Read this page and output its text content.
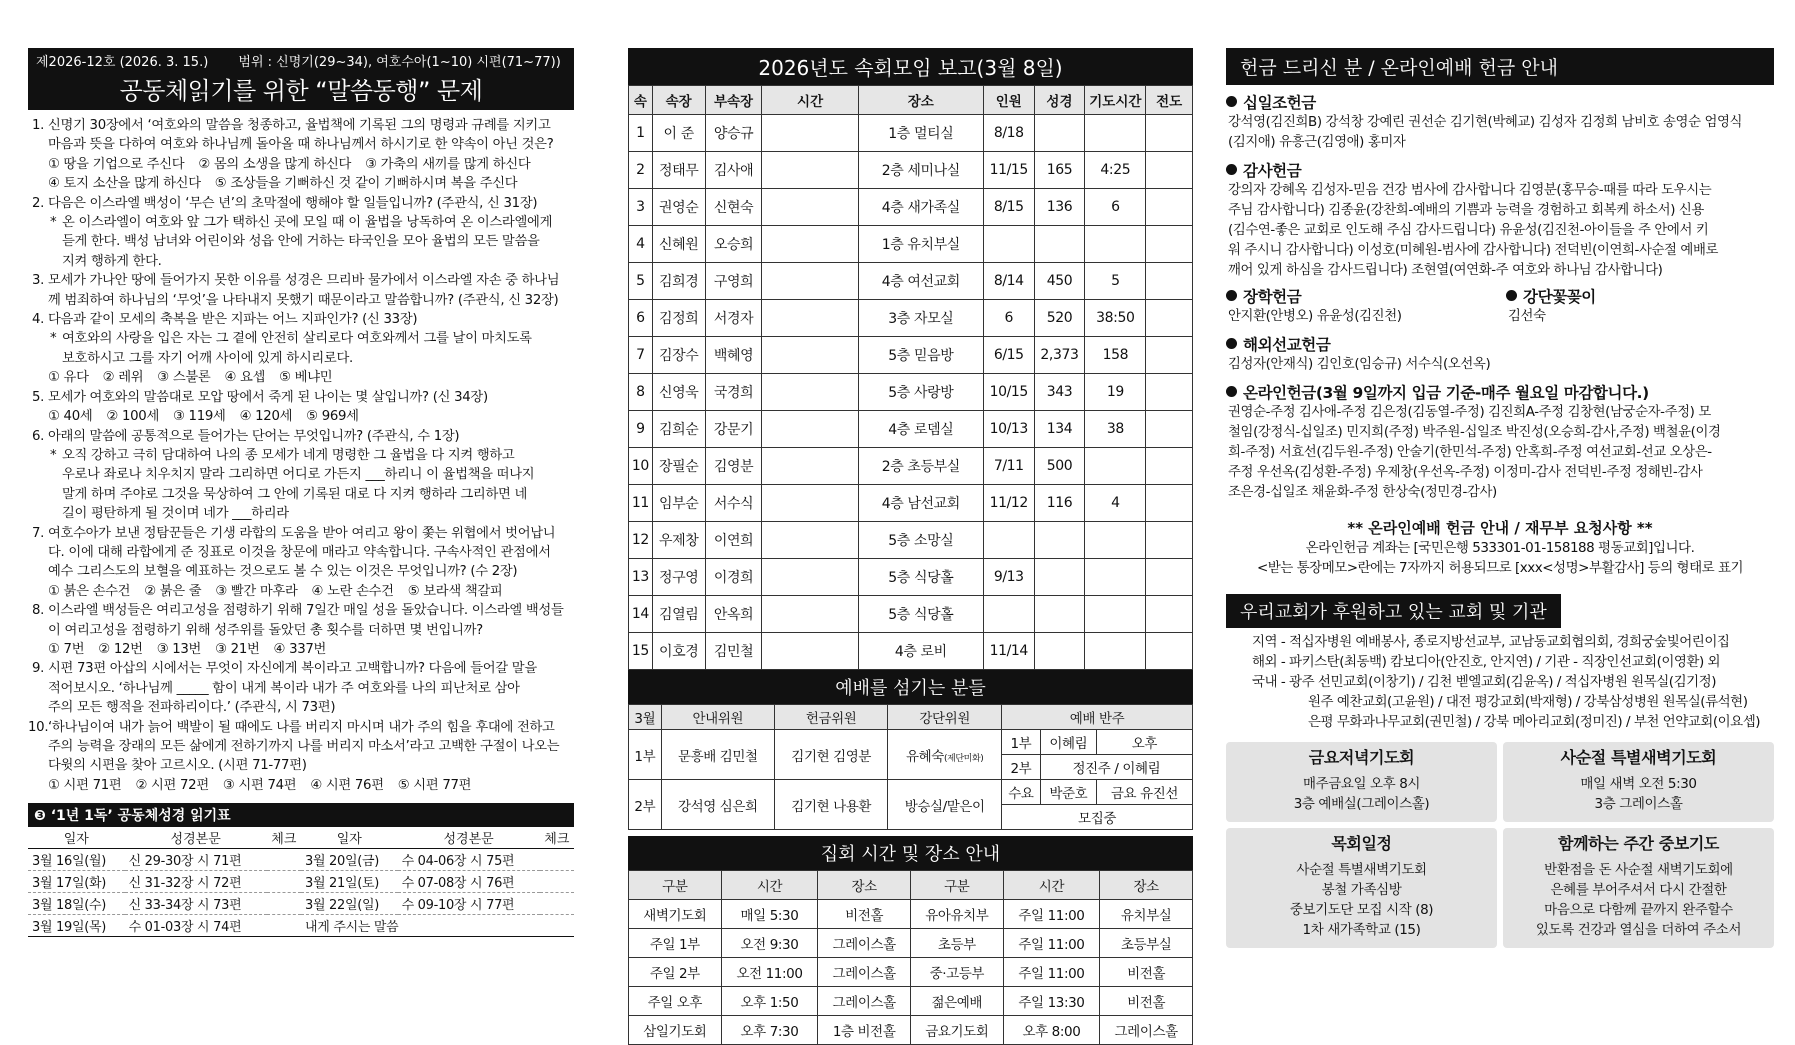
제2026-12호 (2026. 3. 15.) 범위 : 신명기(29~34), 여호수아(1~10) 시편(71~77))
공동체읽기를 위한 “말씀동행” 문제
1. 신명기 30장에서 ‘여호와의 말씀을 청종하고, 율법책에 기록된 그의 명령과 규례를 지키고
마음과 뜻을 다하여 여호와 하나님께 돌아올 때 하나님께서 하시기로 한 약속이 아닌 것은?
① 땅을 기업으로 주신다 ② 몸의 소생을 많게 하신다 ③ 가축의 새끼를 많게 하신다
④ 토지 소산을 많게 하신다 ⑤ 조상들을 기뻐하신 것 같이 기뻐하시며 복을 주신다
2. 다음은 이스라엘 백성이 ‘무슨 년’의 초막절에 행해야 할 일들입니까? (주관식, 신 31장)
* 온 이스라엘이 여호와 앞 그가 택하신 곳에 모일 때 이 율법을 낭독하여 온 이스라엘에게
듣게 한다. 백성 남녀와 어린이와 성읍 안에 거하는 타국인을 모아 율법의 모든 말씀을
지켜 행하게 한다.
3. 모세가 가나안 땅에 들어가지 못한 이유를 성경은 므리바 물가에서 이스라엘 자손 중 하나님
께 범죄하여 하나님의 ‘무엇’을 나타내지 못했기 때문이라고 말씀합니까? (주관식, 신 32장)
4. 다음과 같이 모세의 축복을 받은 지파는 어느 지파인가? (신 33장)
* 여호와의 사랑을 입은 자는 그 곁에 안전히 살리로다 여호와께서 그를 날이 마치도록
보호하시고 그를 자기 어깨 사이에 있게 하시리로다.
① 유다 ② 레위 ③ 스불론 ④ 요셉 ⑤ 베냐민
5. 모세가 여호와의 말씀대로 모압 땅에서 죽게 된 나이는 몇 살입니까? (신 34장)
① 40세 ② 100세 ③ 119세 ④ 120세 ⑤ 969세
6. 아래의 말씀에 공통적으로 들어가는 단어는 무엇입니까? (주관식, 수 1장)
* 오직 강하고 극히 담대하여 나의 종 모세가 네게 명령한 그 율법을 다 지켜 행하고
우로나 좌로나 치우치지 말라 그리하면 어디로 가든지 ___하리니 이 율법책을 떠나지
말게 하며 주야로 그것을 묵상하여 그 안에 기록된 대로 다 지켜 행하라 그리하면 네
길이 평탄하게 될 것이며 네가 ___하리라
7. 여호수아가 보낸 정탐꾼들은 기생 라합의 도움을 받아 여리고 왕이 쫓는 위협에서 벗어납니
다. 이에 대해 라합에게 준 징표로 이것을 창문에 매라고 약속합니다. 구속사적인 관점에서
예수 그리스도의 보혈을 예표하는 것으로도 볼 수 있는 이것은 무엇입니까? (수 2장)
① 붉은 손수건 ② 붉은 줄 ③ 빨간 마후라 ④ 노란 손수건 ⑤ 보라색 책갈피
8. 이스라엘 백성들은 여리고성을 점령하기 위해 7일간 매일 성을 돌았습니다. 이스라엘 백성들
이 여리고성을 점령하기 위해 성주위를 돌았던 총 횟수를 더하면 몇 번입니까?
① 7번 ② 12번 ③ 13번 ③ 21번 ④ 337번
9. 시편 73편 아삽의 시에서는 무엇이 자신에게 복이라고 고백합니까? 다음에 들어갈 말을
적어보시오. ‘하나님께 _____ 함이 내게 복이라 내가 주 여호와를 나의 피난처로 삼아
주의 모든 행적을 전파하리이다.’ (주관식, 시 73편)
10. ‘하나님이여 내가 늙어 백발이 될 때에도 나를 버리지 마시며 내가 주의 힘을 후대에 전하고
주의 능력을 장래의 모든 삶에게 전하기까지 나를 버리지 마소서’라고 고백한 구절이 나오는
다윗의 시편을 찾아 고르시오. (시편 71-77편)
① 시편 71편 ② 시편 72편 ③ 시편 74편 ④ 시편 76편 ⑤ 시편 77편
❸ ‘1년 1독’ 공동체성경 읽기표
일자	성경본문	체크	일자	성경본문	체크
3월 16일(월)	신 29-30장 시 71편		3월 20일(금)	수 04-06장 시 75편	
3월 17일(화)	신 31-32장 시 72편		3월 21일(토)	수 07-08장 시 76편	
3월 18일(수)	신 33-34장 시 73편		3월 22일(일)	수 09-10장 시 77편	
3월 19일(목)	수 01-03장 시 74편		내게 주시는 말씀		
2026년도 속회모임 보고(3월 8일)
속	속장	부속장	시간	장소	인원	성경	기도시간	전도
1	이 준	양승규		1층 멀티실	8/18			
2	정태무	김사애		2층 세미나실	11/15	165	4:25	
3	권영순	신현숙		4층 새가족실	8/15	136	6	
4	신혜원	오승희		1층 유치부실				
5	김희경	구영희		4층 여선교회	8/14	450	5	
6	김정희	서경자		3층 자모실	6	520	38:50	
7	김장수	백혜영		5층 믿음방	6/15	2,373	158	
8	신영욱	국경희		5층 사랑방	10/15	343	19	
9	김희순	강문기		4층 로뎀실	10/13	134	38	
10	장필순	김영분		2층 초등부실	7/11	500		
11	임부순	서수식		4층 남선교회	11/12	116	4	
12	우제창	이연희		5층 소망실				
13	정구영	이경희		5층 식당홀	9/13			
14	김열림	안옥희		5층 식당홀				
15	이호경	김민철		4층 로비	11/14			
예배를 섬기는 분들
3월	안내위원	헌금위원	강단위원	예배 반주		
1부	문흥배 김민철	김기현 김영분	유혜숙(제단미화)	1부	이혜림	오후
				2부	정진주 / 이혜림	
2부	강석영 심은희	김기현 나용환	방승실/맡은이	수요	박준호	금요 유진선
				모집중		
집회 시간 및 장소 안내
구분	시간	장소	구분	시간	장소
새벽기도회	매일 5:30	비전홀	유아유치부	주일 11:00	유치부실
주일 1부	오전 9:30	그레이스홀	초등부	주일 11:00	초등부실
주일 2부	오전 11:00	그레이스홀	중·고등부	주일 11:00	비전홀
주일 오후	오후 1:50	그레이스홀	젊은예배	주일 13:30	비전홀
삼일기도회	오후 7:30	1층 비전홀	금요기도회	오후 8:00	그레이스홀
헌금 드리신 분 / 온라인예배 헌금 안내
십일조헌금
강석영(김진희B) 강석창 강예린 권선순 김기현(박혜교) 김성자 김정희 남비호 송영순 엄영식
(김지애) 유흥근(김영애) 홍미자
감사헌금
강의자 강혜옥 김성자-믿음 건강 범사에 감사합니다 김영분(홍무승-때를 따라 도우시는
주님 감사합니다) 김종윤(강찬희-예배의 기쁨과 능력을 경험하고 회복케 하소서) 신용
(김수연-좋은 교회로 인도해 주심 감사드립니다) 유윤성(김진천-아이들을 주 안에서 키
워 주시니 감사합니다) 이성호(미혜원-범사에 감사합니다) 전덕빈(이연희-사순절 예배로
깨어 있게 하심을 감사드립니다) 조현열(여연화-주 여호와 하나님 감사합니다)
장학헌금
안지환(안병오) 유윤성(김진천)
강단꽃꽂이
김선숙
해외선교헌금
김성자(안재식) 김인호(임승규) 서수식(오선옥)
온라인헌금(3월 9일까지 입금 기준-매주 월요일 마감합니다.)
권영순-주정 김사애-주정 김은정(김동열-주정) 김진희A-주정 김창현(남궁순자-주정) 모
철임(강정식-십일조) 민지희(주정) 박주원-십일조 박진성(오승희-감사,주정) 백철윤(이경
희-주정) 서효선(김두원-주정) 안술기(한민석-주정) 안혹희-주정 여선교회-선교 오상은-
주정 우선옥(김성환-주정) 우제창(우선옥-주정) 이정미-감사 전덕빈-주정 정해빈-감사
조은경-십일조 채윤화-주정 한상숙(정민경-감사)
** 온라인예배 헌금 안내 / 재무부 요청사항 **
온라인헌금 계좌는 [국민은행 533301-01-158188 평동교회]입니다.
<받는 통장메모>란에는 7자까지 허용되므로 [xxx<성명>부활감사] 등의 형태로 표기
우리교회가 후원하고 있는 교회 및 기관
지역 - 적십자병원 예배봉사, 종로지방선교부, 교남동교회협의회, 경희궁숲빛어린이집
해외 - 파키스탄(최동백) 캄보디아(안진호, 안지연) / 기관 - 직장인선교회(이영환) 외
국내 - 광주 선민교회(이창기) / 김천 벧엘교회(김윤옥) / 적십자병원 원목실(김기정)
원주 예찬교회(고윤원) / 대전 평강교회(박재형) / 강북삼성병원 원목실(류석현)
은평 무화과나무교회(권민철) / 강북 메아리교회(정미진) / 부천 언약교회(이요셉)
금요저녁기도회
매주금요일 오후 8시
3층 예배실(그레이스홀)
사순절 특별새벽기도회
매일 새벽 오전 5:30
3층 그레이스홀
목회일정
사순절 특별새벽기도회
봉철 가족심방
중보기도단 모집 시작 (8)
1차 새가족학교 (15)
함께하는 주간 중보기도
반환점을 돈 사순절 새벽기도회에
은혜를 부어주셔서 다시 간절한
마음으로 다함께 끝까지 완주할수
있도록 건강과 열심을 더하여 주소서
